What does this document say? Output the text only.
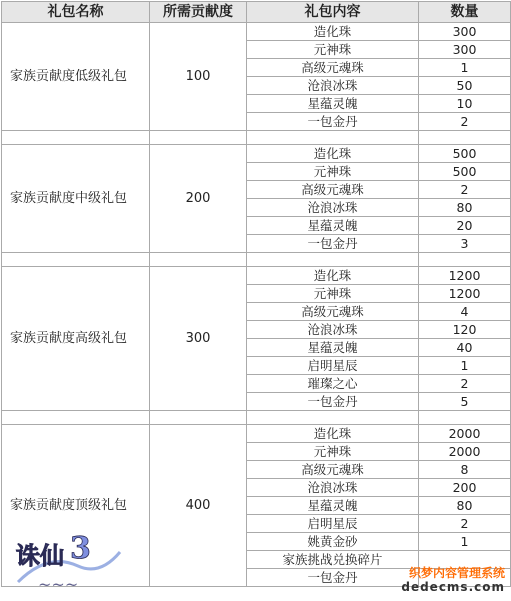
礼包名称	所需贡献度	礼包内容	数量
家族贡献度低级礼包	100	造化珠	300
		元神珠	300
		高级元魂珠	1
		沧浪冰珠	50
		星蕴灵魄	10
		一包金丹	2

家族贡献度中级礼包	200	造化珠	500
		元神珠	500
		高级元魂珠	2
		沧浪冰珠	80
		星蕴灵魄	20
		一包金丹	3

家族贡献度高级礼包	300	造化珠	1200
		元神珠	1200
		高级元魂珠	4
		沧浪冰珠	120
		星蕴灵魄	40
		启明星辰	1
		璀璨之心	2
		一包金丹	5

家族贡献度顶级礼包	400	造化珠	2000
		元神珠	2000
		高级元魂珠	8
		沧浪冰珠	200
		星蕴灵魄	80
		启明星辰	2
		姚黄金砂	1
		家族挑战兑换碎片	
		一包金丹	
诛仙 3
~~~
织梦内容管理系统
dedecms.com
